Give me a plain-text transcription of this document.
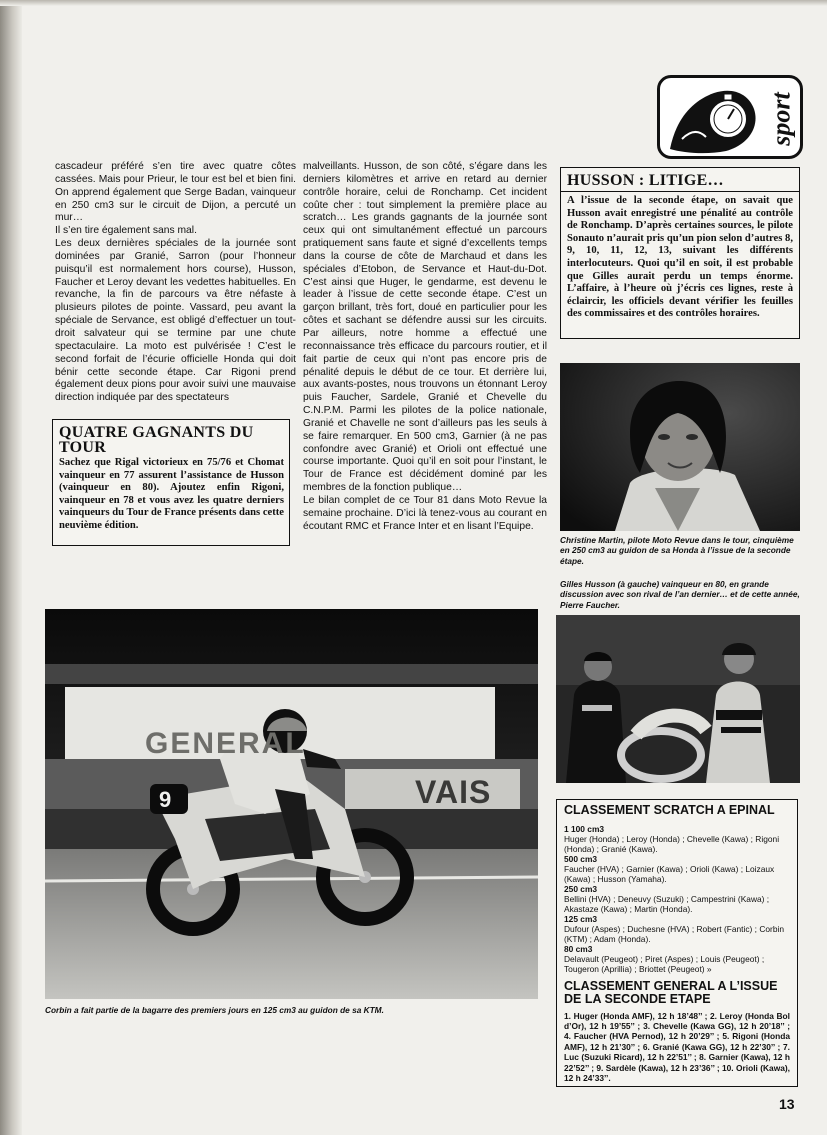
sport

cascadeur préféré s’en tire avec quatre côtes cassées. Mais pour Prieur, le tour est bel et bien fini. On apprend également que Serge Badan, vainqueur en 250 cm3 sur le circuit de Dijon, a percuté un mur…

Il s’en tire également sans mal.

Les deux dernières spéciales de la journée sont dominées par Granié, Sarron (pour l’honneur puisqu’il est normalement hors course), Husson, Faucher et Leroy devant les vedettes habituelles. En revanche, la fin de parcours va être néfaste à plusieurs pilotes de pointe. Vassard, peu avant la spéciale de Servance, est obligé d’effectuer un tout-droit salvateur qui se termine par une chute spectaculaire. La moto est pulvérisée ! C’est le second forfait de l’écurie officielle Honda qui doit bénir cette seconde étape. Car Rigoni prend également deux pions pour avoir suivi une mauvaise direction indiquée par des spectateurs

QUATRE GAGNANTS DU TOUR

Sachez que Rigal victorieux en 75/76 et Chomat vainqueur en 77 assurent l’assistance de Husson (vainqueur en 80). Ajoutez enfin Rigoni, vainqueur en 78 et vous avez les quatre derniers vainqueurs du Tour de France présents dans cette neuvième édition.

malveillants. Husson, de son côté, s’égare dans les derniers kilomètres et arrive en retard au dernier contrôle horaire, celui de Ronchamp. Cet incident coûte cher : tout simplement la première place au scratch… Les grands gagnants de la journée sont ceux qui ont simultanément effectué un parcours pratiquement sans faute et signé d’excellents temps dans la course de côte de Marchaud et dans les spéciales d’Etobon, de Servance et Haut-du-Dot. C’est ainsi que Huger, le gendarme, est devenu le leader à l’issue de cette seconde étape. C’est un garçon brillant, très fort, doué en particulier pour les côtes et sachant se défendre aussi sur les circuits. Par ailleurs, notre homme a effectué une reconnaissance très efficace du parcours routier, et il fait partie de ceux qui n’ont pas encore pris de pénalité depuis le début de ce tour. Et derrière lui, aux avants-postes, nous trouvons un étonnant Leroy puis Faucher, Sardele, Granié et Chevelle du C.N.P.M. Parmi les pilotes de la police nationale, Granié et Chavelle ne sont d’ailleurs pas les seuls à se faire remarquer. En 500 cm3, Garnier (à ne pas confondre avec Granié) et Orioli ont effectué une course importante. Quoi qu’il en soit pour l’instant, le Tour de France est décidément dominé par les membres de la fonction publique…

Le bilan complet de ce Tour 81 dans Moto Revue la semaine prochaine. D’ici là tenez-vous au courant en écoutant RMC et France Inter et en lisant l’Equipe.

HUSSON : LITIGE…

A l’issue de la seconde étape, on savait que Husson avait enregistré une pénalité au contrôle de Ronchamp. D’après certaines sources, le pilote Sonauto n’aurait pris qu’un pion selon d’autres 8, 9, 10, 11, 12, 13, suivant les différents interlocuteurs. Quoi qu’il en soit, il est probable que Gilles aurait perdu un temps énorme. L’affaire, à l’heure où j’écris ces lignes, reste à éclaircir, les officiels devant vérifier les feuilles des commissaires et des contrôles horaires.

Christine Martin, pilote Moto Revue dans le tour, cinquième en 250 cm3 au guidon de sa Honda à l’issue de la seconde étape.
Gilles Husson (à gauche) vainqueur en 80, en grande discussion avec son rival de l’an dernier… et de cette année, Pierre Faucher.
GENERAL
VAIS
9
Corbin a fait partie de la bagarre des premiers jours en 125 cm3 au guidon de sa KTM.
CLASSEMENT SCRATCH A EPINAL
1 100 cm3
Huger (Honda) ; Leroy (Honda) ; Chevelle (Kawa) ; Rigoni (Honda) ; Granié (Kawa).
500 cm3
Faucher (HVA) ; Garnier (Kawa) ; Orioli (Kawa) ; Loizaux (Kawa) ; Husson (Yamaha).
250 cm3
Bellini (HVA) ; Deneuvy (Suzuki) ; Campestrini (Kawa) ; Akastaze (Kawa) ; Martin (Honda).
125 cm3
Dufour (Aspes) ; Duchesne (HVA) ; Robert (Fantic) ; Corbin (KTM) ; Adam (Honda).
80 cm3
Delavault (Peugeot) ; Piret (Aspes) ; Louis (Peugeot) ; Tougeron (Aprillia) ; Briottet (Peugeot) »
CLASSEMENT GENERAL A L’ISSUE DE LA SECONDE ETAPE
1. Huger (Honda AMF), 12 h 18’48’’ ; 2. Leroy (Honda Bol d’Or), 12 h 19’55’’ ; 3. Chevelle (Kawa GG), 12 h 20’18’’ ; 4. Faucher (HVA Pernod), 12 h 20’29’’ ; 5. Rigoni (Honda AMF), 12 h 21’30’’ ; 6. Granié (Kawa GG), 12 h 22’30’’ ; 7. Luc (Suzuki Ricard), 12 h 22’51’’ ; 8. Garnier (Kawa), 12 h 22’52’’ ; 9. Sardèle (Kawa), 12 h 23’36’’ ; 10. Orioli (Kawa), 12 h 24’33’’.
13
